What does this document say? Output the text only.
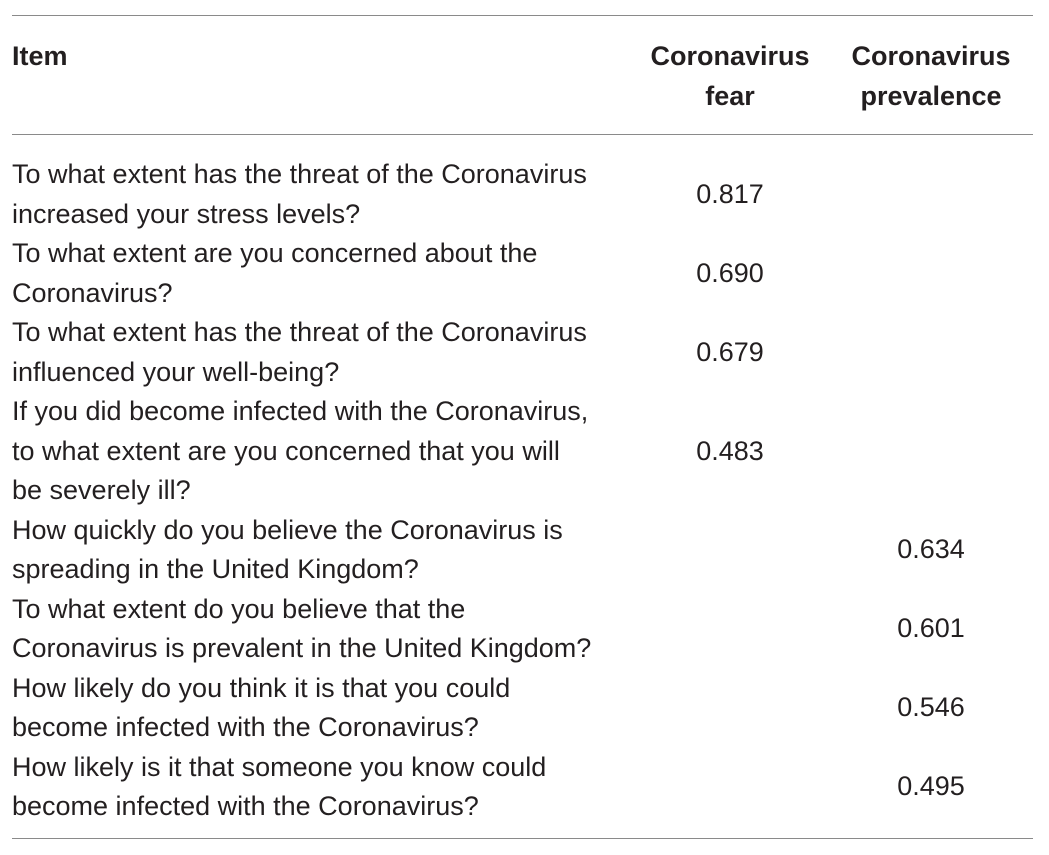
Item	Coronavirus
fear
Coronavirus
prevalence
To what extent has the threat of the Coronavirus
increased your stress levels?
0.817
To what extent are you concerned about the
Coronavirus?
0.690
To what extent has the threat of the Coronavirus
influenced your well-being?
0.679
If you did become infected with the Coronavirus,
to what extent are you concerned that you will
be severely ill?
0.483
How quickly do you believe the Coronavirus is
spreading in the United Kingdom?
0.634
To what extent do you believe that the
Coronavirus is prevalent in the United Kingdom?
0.601
How likely do you think it is that you could
become infected with the Coronavirus?
0.546
How likely is it that someone you know could
become infected with the Coronavirus?
0.495
